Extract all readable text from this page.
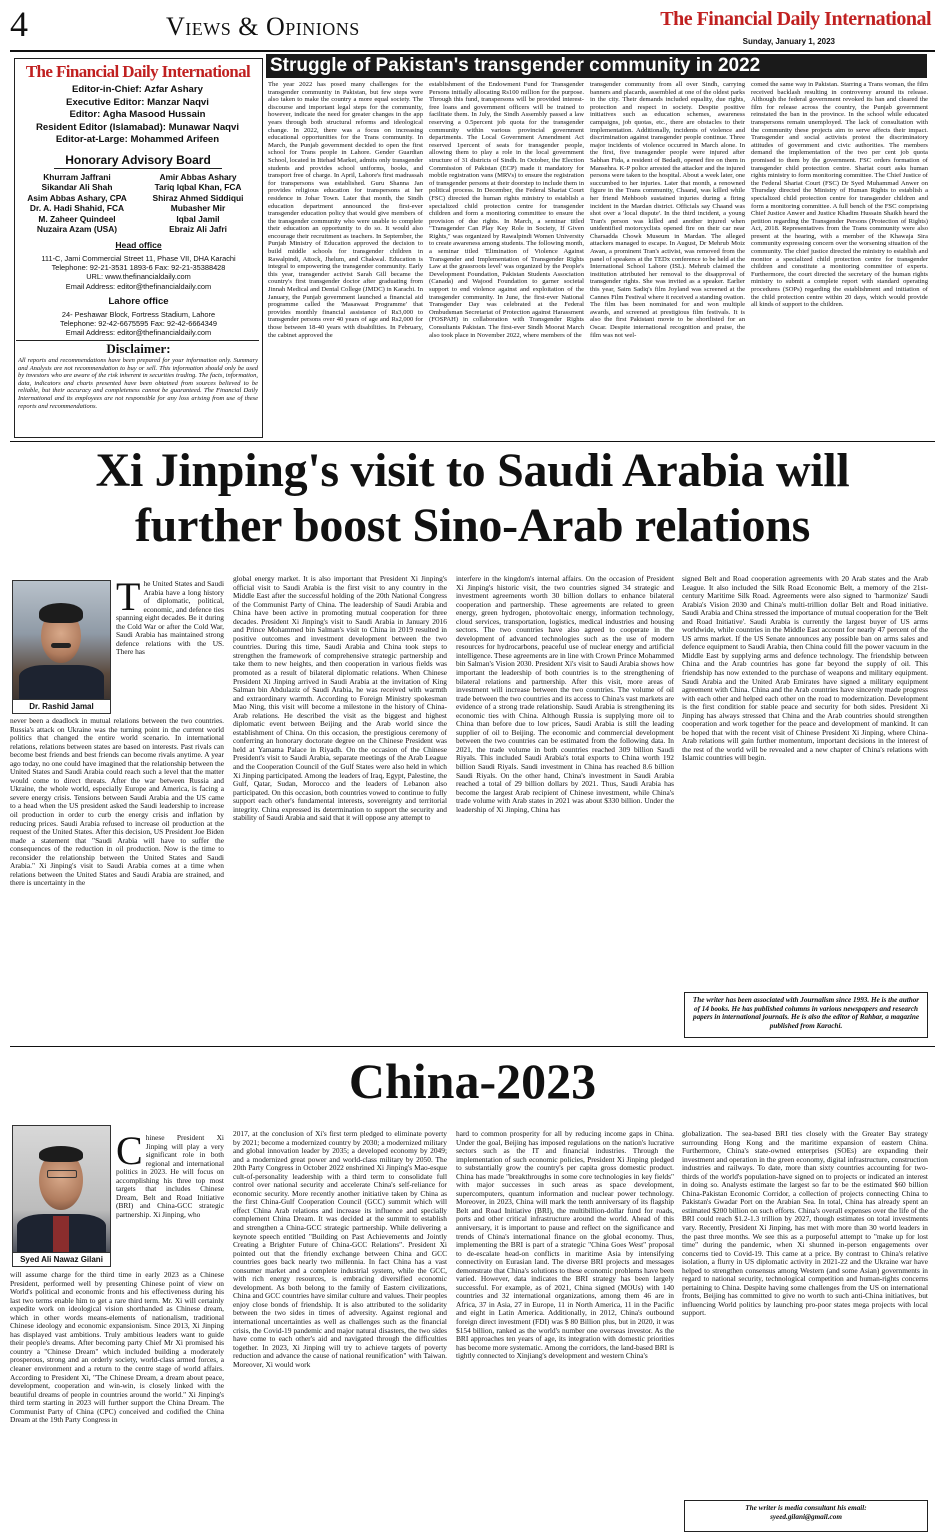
4	Views & Opinions	The Financial Daily International
Sunday, January 1, 2023
The Financial Daily International
Editor-in-Chief: Azfar Ashary
Executive Editor: Manzar Naqvi
Editor: Agha Masood Hussain
Resident Editor (Islamabad): Munawar Naqvi
Editor-at-Large: Mohammed Arifeen
Honorary Advisory Board
Khurram Jaffrani
Sikandar Ali Shah
Asim Abbas Ashary, CPA
Dr. A. Hadi Shahid, FCA
M. Zaheer Quindeel
Nuzaira Azam (USA)
Amir Abbas Ashary
Tariq Iqbal Khan, FCA
Shiraz Ahmed Siddiqui
Mubasher Mir
Iqbal Jamil
Ebraiz Ali Jafri
Head office
111-C, Jami Commercial Street 11, Phase VII, DHA Karachi
Telephone: 92-21-3531 1893-6 Fax: 92-21-35388428
URL: www.thefinancialdaily.com
Email Address: editor@thefinancialdaily.com
Lahore office
24- Peshawar Block, Fortress Stadium, Lahore
Telephone: 92-42-6675595 Fax: 92-42-6664349
Email Address: editor@thefinancialdaily.com
Disclaimer:
All reports and recommendations have been prepared for your information only. Summary and Analysis are not recommendation to buy or sell. This information should only be used by investors who are aware of the risk inherent in securities trading. The facts, information, data, indicators and charts presented have been obtained from sources believed to be reliable, but their accuracy and completeness cannot be guaranteed. The Financial Daily International and its employees are not responsible for any loss arising from use of these reports and recommendations.
Struggle of Pakistan's transgender community in 2022
The year 2022 has posed many challenges for the transgender community in Pakistan, but few steps were also taken to make the country a more equal society. The discourse and important legal steps for the community, however, indicate the need for greater changes in the app years through both structural reforms and ideological change. In 2022, there was a focus on increasing educational opportunities for the Trans community. In March, the Punjab government decided to open the first school for Trans people in Lahore. Gender Guardian School, located in Ittehad Market, admits only transgender students and provides school uniforms, books, and transport free of charge. In April, Lahore's first madrassah for transpersons was established. Guru Shanna Jan provides religious education for transpersons at her residence in Johar Town. Later that month, the Sindh education department announced the first-ever transgender education policy that would give members of the transgender community who were unable to complete their education an opportunity to do so. It would also encourage their recruitment as teachers. In September, the Punjab Ministry of Education approved the decision to build middle schools for transgender children in Rawalpindi, Attock, Jhelum, and Chakwal. Education is integral to empowering the transgender community. Early this year, transgender activist Sarah Gill became the country's first transgender doctor after graduating from Jinnah Medical and Dental College (JMDC) in Karachi. In January, the Punjab government launched a financial aid programme called the 'Masawaat Programme' that provides monthly financial assistance of Rs3,000 to transgender persons over 40 years of age and Rs2,000 for those between 18-40 years with disabilities. In February, the cabinet approved the
establishment of the Endowment Fund for Transgender Persons initially allocating Rs100 million for the purpose. Through this fund, transpersons will be provided interest-free loans and government officers will be trained to facilitate them. In July, the Sindh Assembly passed a law reserving a 0.5percent job quota for the transgender community within various provincial government departments. The Local Government Amendment Act reserved 1percent of seats for transgender people, allowing them to play a role in the local government structure of 31 districts of Sindh. In October, the Election Commission of Pakistan (ECP) made it mandatory for mobile registration vans (MRVs) to ensure the registration of transgender persons at their doorstep to include them in political process. In December, the Federal Shariat Court (FSC) directed the human rights ministry to establish a specialized child protection centre for transgender children and form a monitoring committee to ensure the provision of due rights. In March, a seminar titled "Transgender Can Play Key Role in Society, If Given Rights," was organized by Rawalpindi Women University to create awareness among students. The following month, a seminar titled 'Elimination of Violence Against Transgender and Implementation of Transgender Rights Law at the grassroots level' was organized by the People's Development Foundation, Pakistan Students Association (Canada) and Wajood Foundation to garner societal support to end violence against and exploitation of the transgender community. In June, the first-ever National Transgender Day was celebrated at the Federal Ombudsman Secretariat of Protection against Harassment (FOSPAH) in collaboration with Transgender Rights Consultants Pakistan. The first-ever Sindh Moorat March also took place in November 2022, where members of the
transgender community from all over Sindh, carrying banners and placards, assembled at one of the oldest parks in the city. Their demands included equality, due rights, protection and respect in society. Despite positive initiatives such as education schemes, awareness campaigns, job quotas, etc., there are obstacles to their implementation. Additionally, incidents of violence and discrimination against transgender people continue. Three major incidents of violence occurred in March alone. In the first, five transgender people were injured after Sabhan Fida, a resident of Bedadi, opened fire on them in Mansehra. K-P police arrested the attacker and the injured persons were taken to the hospital. About a week later, one succumbed to her injuries. Later that month, a renowned figure in the Trans community, Chaand, was killed while her friend Mehboob sustained injuries during a firing incident in the Mardan district. Officials say Chaand was shot over a 'local dispute'. In the third incident, a young Tran's person was killed and another injured when unidentified motorcyclists opened fire on their car near Charsadda Chowk Museum in Mardan. The alleged attackers managed to escape. In August, Dr Mehrub Moiz Awan, a prominent Tran's activist, was removed from the panel of speakers at the TEDx conference to be held at the International School Lahore (ISL). Mehrub claimed the institution attributed her removal to the disapproval of transgender rights. She was invited as a speaker. Earlier this year, Saim Sadiq's film Joyland was screened at the Cannes Film Festival where it received a standing ovation. The film has been nominated for and won multiple awards, and screened at prestigious film festivals. It is also the first Pakistani movie to be shortlisted for an Oscar. Despite international recognition and praise, the film was not wel-
comed the same way in Pakistan. Starring a Trans woman, the film received backlash resulting in controversy around its release. Although the federal government revoked its ban and cleared the film for release across the country, the Punjab government reinstated the ban in the province. In the school while educated transpersons remain unemployed. The lack of consultation with the community these projects aim to serve affects their impact. Transgender and social activists protest the discriminatory attitudes of government and civic authorities. The members demand the implementation of the two per cent job quota promised to them by the government. FSC orders formation of transgender child protection centre. Shariat court asks human rights ministry to form monitoring committee. The Chief Justice of the Federal Shariat Court (FSC) Dr Syed Muhammad Anwer on Thursday directed the Ministry of Human Rights to establish a specialized child protection centre for transgender children and form a monitoring committee. A full bench of the FSC comprising Chief Justice Anwer and Justice Khadim Hussain Shaikh heard the petition regarding the Transgender Persons (Protection of Rights) Act, 2018. Representatives from the Trans community were also present at the hearing, with a member of the Khawaja Sira community expressing concern over the worsening situation of the community. The chief justice directed the ministry to establish and monitor a specialized child protection centre for transgender children and constitute a monitoring committee of experts. Furthermore, the court directed the secretary of the human rights ministry to submit a complete report with standard operating procedures (SOPs) regarding the establishment and initiation of the child protection centre within 20 days, which would provide all kinds of support to the children.
Xi Jinping's visit to Saudi Arabia will
further boost Sino-Arab relations
Dr. Rashid Jamal
The United States and Saudi Arabia have a long history of diplomatic, political, economic, and defence ties spanning eight decades. Be it during the Cold War or after the Cold War, Saudi Arabia has maintained strong defence relations with the US. There has
never been a deadlock in mutual relations between the two countries. Russia's attack on Ukraine was the turning point in the current world politics that changed the entire world scenario. In international relations, relations between states are based on interests. Past rivals can become best friends and best friends can become rivals anytime. A year ago today, no one could have imagined that the relationship between the United States and Saudi Arabia could reach such a level that the matter would come to direct threats. After the war between Russia and Ukraine, the whole world, especially Europe and America, is facing a severe energy crisis. Tensions between Saudi Arabia and the US came to a head when the US president asked the Saudi leadership to increase oil production in order to curb the energy crisis and inflation by reducing prices. Saudi Arabia refused to increase oil production at the request of the United States. After this decision, US President Joe Biden made a statement that "Saudi Arabia will have to suffer the consequences of the reduction in oil production. Now is the time to reconsider the relationship between the United States and Saudi Arabia." Xi Jinping's visit to Saudi Arabia comes at a time when relations between the United States and Saudi Arabia are strained, and there is uncertainty in the
global energy market. It is also important that President Xi Jinping's official visit to Saudi Arabia is the first visit to any country in the Middle East after the successful holding of the 20th National Congress of the Communist Party of China. The leadership of Saudi Arabia and China have been active in promoting mutual cooperation for three decades. President Xi Jinping's visit to Saudi Arabia in January 2016 and Prince Mohammed bin Salman's visit to China in 2019 resulted in positive outcomes and investment development between the two countries. During this time, Saudi Arabia and China took steps to strengthen the framework of comprehensive strategic partnership and take them to new heights, and then cooperation in various fields was promoted as a result of bilateral diplomatic relations. When Chinese President Xi Jinping arrived in Saudi Arabia at the invitation of King Salman bin Abdulaziz of Saudi Arabia, he was received with warmth and extraordinary warmth. According to Foreign Ministry spokesman Mao Ning, this visit will become a milestone in the history of China-Arab relations. He described the visit as the biggest and highest diplomatic event between Beijing and the Arab world since the establishment of China. On this occasion, the prestigious ceremony of conferring an honorary doctorate degree on the Chinese President was held at Yamama Palace in Riyadh. On the occasion of the Chinese President's visit to Saudi Arabia, separate meetings of the Arab League and the Cooperation Council of the Gulf States were also held in which Xi Jinping participated. Among the leaders of Iraq, Egypt, Palestine, the Gulf, Qatar, Sudan, Morocco and the leaders of Lebanon also participated. On this occasion, both countries vowed to continue to fully support each other's fundamental interests, sovereignty and territorial integrity. China expressed its determination to support the security and stability of Saudi Arabia and said that it will oppose any attempt to
interfere in the kingdom's internal affairs. On the occasion of President Xi Jinping's historic visit, the two countries signed 34 strategic and investment agreements worth 30 billion dollars to enhance bilateral cooperation and partnership. These agreements are related to green energy, green hydrogen, photovoltaic energy, information technology, cloud services, transportation, logistics, medical industries and housing sectors. The two countries have also agreed to cooperate in the development of advanced technologies such as the use of modern resources for hydrocarbons, peaceful use of nuclear energy and artificial intelligence. These agreements are in line with Crown Prince Mohammed bin Salman's Vision 2030. President Xi's visit to Saudi Arabia shows how important the leadership of both countries is to the strengthening of bilateral relations and partnership. After this visit, more areas of investment will increase between the two countries. The volume of oil trade between the two countries and its access to China's vast markets are evidence of a strong trade relationship. Saudi Arabia is strengthening its economic ties with China. Although Russia is supplying more oil to China than before due to low prices, Saudi Arabia is still the leading supplier of oil to Beijing. The economic and commercial development between the two countries can be estimated from the following data. In 2021, the trade volume in both countries reached 309 billion Saudi Riyals. This included Saudi Arabia's total exports to China worth 192 billion Saudi Riyals. Saudi investment in China has reached 8.6 billion Saudi Riyals. On the other hand, China's investment in Saudi Arabia reached a total of 29 billion dollars by 2021. Thus, Saudi Arabia has become the largest Arab recipient of Chinese investment, while China's trade volume with Arab states in 2021 was about $330 billion. Under the leadership of Xi Jinping, China has
signed Belt and Road cooperation agreements with 20 Arab states and the Arab League. It also included the Silk Road Economic Belt, a memory of the 21st-century Maritime Silk Road. Agreements were also signed to 'harmonize' Saudi Arabia's Vision 2030 and China's multi-trillion dollar Belt and Road initiative. Saudi Arabia and China stressed the importance of mutual cooperation for the 'Belt and Road Initiative'. Saudi Arabia is currently the largest buyer of US arms worldwide, while countries in the Middle East account for nearly 47 percent of the US arms market. If the US Senate announces any possible ban on arms sales and defence equipment to Saudi Arabia, then China could fill the power vacuum in the Middle East by supplying arms and defence technology. The friendship between China and the Arab countries has gone far beyond the supply of oil. This friendship has now extended to the purchase of weapons and military equipment. Saudi Arabia and the United Arab Emirates have signed a military equipment agreement with China. China and the Arab countries have sincerely made progress with each other and helped each other on the road to modernization. Development is the first condition for stable peace and security for both sides. President Xi Jinping has always stressed that China and the Arab countries should strengthen cooperation and work together for the peace and development of mankind. It can be hoped that with the recent visit of Chinese President Xi Jinping, where China-Arab relations will gain further momentum, important decisions in the interest of the rest of the world will be revealed and a new chapter of China's relations with Islamic countries will begin.
The writer has been associated with Journalism since 1993. He is the author of 14 books. He has published columns in various newspapers and research papers in international journals. He is also the editor of Rahbar, a magazine published from Karachi.
China-2023
Syed Ali Nawaz Gilani
Chinese President Xi Jinping will play a very significant role in both regional and international politics in 2023. He will focus on accomplishing his three top most targets that includes Chinese Dream, Belt and Road Initiative (BRI) and China-GCC strategic partnership. Xi Jinping, who
will assume charge for the third time in early 2023 as a Chinese President, performed well by presenting Chinese point of view on World's political and economic fronts and his effectiveness during his last two terms enable him to get a rare third term. Mr. Xi will certainly expedite work on ideological vision shorthanded as Chinese dream, which in other words means-elements of nationalism, traditional Chinese ideology and economic expansionism. Since 2013, Xi Jinping has displayed vast ambitions. Truly ambitious leaders want to guide their people's dreams. After becoming party Chief Mr Xi promised his country a "Chinese Dream" which included building a moderately prosperous, strong and an orderly society, world-class armed forces, a cleaner environment and a return to the centre stage of world affairs. According to President Xi, "The Chinese Dream, a dream about peace, development, cooperation and win-win, is closely linked with the beautiful dreams of people in countries around the world." Xi Jinping's third term starting in 2023 will further support the China Dream. The Communist Party of China (CPC) conceived and codified the China Dream at the 19th Party Congress in
2017, at the conclusion of Xi's first term pledged to eliminate poverty by 2021; become a modernized country by 2030; a modernized military and global innovation leader by 2035; a developed economy by 2049; and a modernized great power and world-class military by 2050. The 20th Party Congress in October 2022 enshrined Xi Jinping's Mao-esque cult-of-personality leadership with a third term to consolidate full control over national security and accelerate China's self-reliance for economic security. More recently another initiative taken by China as the first China-Gulf Cooperation Council (GCC) summit which will effect China Arab relations and increase its influence and specially complement China Dream. It was decided at the summit to establish and strengthen a China-GCC strategic partnership. While delivering a keynote speech entitled "Building on Past Achievements and Jointly Creating a Brighter Future of China-GCC Relations". President Xi pointed out that the friendly exchange between China and GCC countries goes back nearly two millennia. In fact China has a vast consumer market and a complete industrial system, while the GCC, with rich energy resources, is embracing diversified economic development. As both belong to the family of Eastern civilizations, China and GCC countries have similar culture and values. Their peoples enjoy close bonds of friendship. It is also attributed to the solidarity between the two sides in times of adversity. Against regional and international uncertainties as well as challenges such as the financial crisis, the Covid-19 pandemic and major natural disasters, the two sides have come to each other's aid and navigated through the difficulties together. In 2023, Xi Jinping will try to achieve targets of poverty reduction and advance the cause of national reunification" with Taiwan. Moreover, Xi would work
hard to common prosperity for all by reducing income gaps in China. Under the goal, Beijing has imposed regulations on the nation's lucrative sectors such as the IT and financial industries. Through the implementation of such economic policies, President Xi Jinping pledged to substantially grow the country's per capita gross domestic product. China has made "breakthroughs in some core technologies in key fields" with major successes in such areas as space development, supercomputers, quantum information and nuclear power technology. Moreover, in 2023, China will mark the tenth anniversary of its flagship Belt and Road Initiative (BRI), the multibillion-dollar fund for roads, ports and other critical infrastructure around the world. Ahead of this anniversary, it is important to pause and reflect on the significance and trends of China's international finance on the global economy. Thus, implementing the BRI is part of a strategic "China Goes West" proposal to de-escalate head-on conflicts in maritime Asia by intensifying connectivity on Eurasian land. The diverse BRI projects and messages demonstrate that China's solutions to these economic problems have been varied. However, data indicates the BRI strategy has been largely successful. For example, as of 2021, China signed (MOUs) with 140 countries and 32 international organizations, among them 46 are in Africa, 37 in Asia, 27 in Europe, 11 in North America, 11 in the Pacific and eight in Latin America. Additionally, in 2012, China's outbound foreign direct investment (FDI) was $ 80 Billion plus, but in 2020, it was $154 billion, ranked as the world's number one overseas investor. As the BRI approaches ten years of age, its integration with domestic priorities has become more systematic. Among the corridors, the land-based BRI is tightly connected to Xinjiang's development and western China's
globalization. The sea-based BRI ties closely with the Greater Bay strategy surrounding Hong Kong and the maritime expansion of eastern China. Furthermore, China's state-owned enterprises (SOEs) are expanding their investment and operation in the green economy, digital infrastructure, construction industries and railways. To date, more than sixty countries accounting for two-thirds of the world's population-have signed on to projects or indicated an interest in doing so. Analysts estimate the largest so far to be the estimated $60 billion China-Pakistan Economic Corridor, a collection of projects connecting China to Pakistan's Gwadar Port on the Arabian Sea. In total, China has already spent an estimated $200 billion on such efforts. China's overall expenses over the life of the BRI could reach $1.2-1.3 trillion by 2027, though estimates on total investments vary. Recently, President Xi Jinping, has met with more than 30 world leaders in the past three months. We see this as a purposeful attempt to "make up for lost time" during the pandemic, when Xi shunned in-person engagements over concerns tied to Covid-19. This came at a price. By contrast to China's relative isolation, a flurry in US diplomatic activity in 2021-22 and the Ukraine war have helped to strengthen consensus among Western (and some Asian) governments in regard to national security, technological competition and human-rights concerns pertaining to China. Despite having some challenges from the US on international fronts, Beijing has committed to give no worth to such anti-China initiatives, but influencing World politics by launching pro-poor states mega projects with local support.
The writer is media consultant his email:
syeed.gilani@gmail.com
